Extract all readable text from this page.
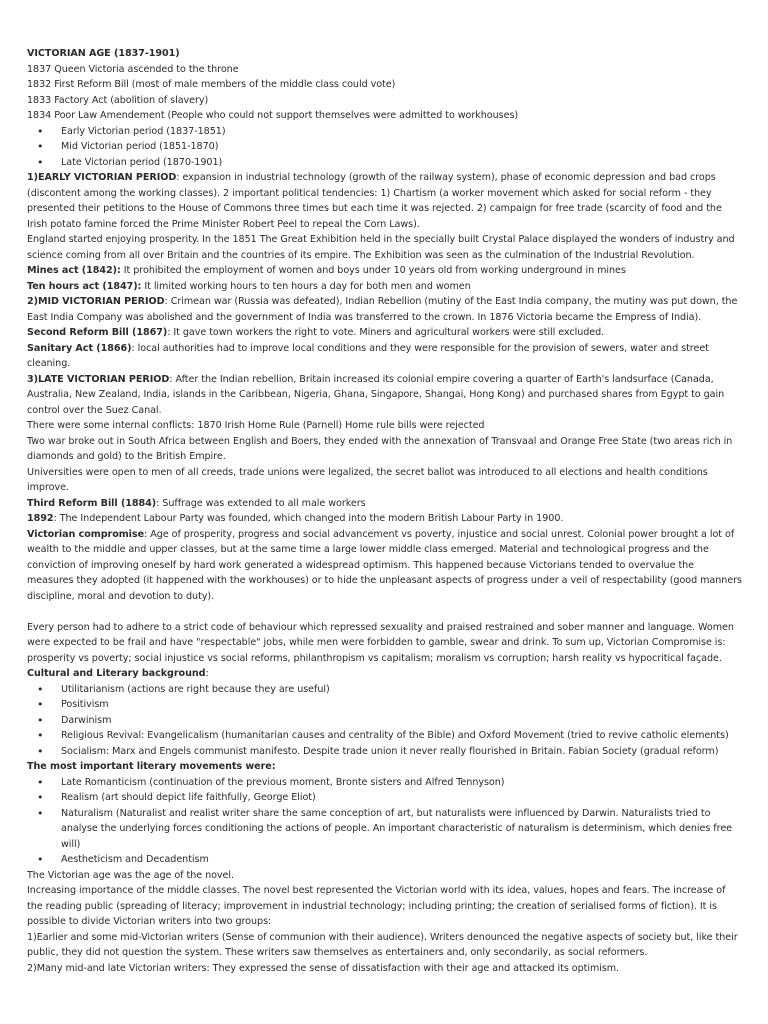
VICTORIAN AGE (1837-1901)

1837 Queen Victoria ascended to the throne

1832 First Reform Bill (most of male members of the middle class could vote)

1833 Factory Act (abolition of slavery)

1834 Poor Law Amendement (People who could not support themselves were admitted to workhouses)

• Early Victorian period (1837-1851)
• Mid Victorian period (1851-1870)
• Late Victorian period (1870-1901)

1)EARLY VICTORIAN PERIOD: expansion in industrial technology (growth of the railway system), phase of economic depression and bad crops (discontent among the working classes). 2 important political tendencies: 1) Chartism (a worker movement which asked for social reform - they presented their petitions to the House of Commons three times but each time it was rejected. 2) campaign for free trade (scarcity of food and the Irish potato famine forced the Prime Minister Robert Peel to repeal the Corn Laws).

England started enjoying prosperity. In the 1851 The Great Exhibition held in the specially built Crystal Palace displayed the wonders of industry and science coming from all over Britain and the countries of its empire. The Exhibition was seen as the culmination of the Industrial Revolution.

Mines act (1842): It prohibited the employment of women and boys under 10 years old from working underground in mines

Ten hours act (1847): It limited working hours to ten hours a day for both men and women

2)MID VICTORIAN PERIOD: Crimean war (Russia was defeated), Indian Rebellion (mutiny of the East India company, the mutiny was put down, the East India Company was abolished and the government of India was transferred to the crown. In 1876 Victoria became the Empress of India).

Second Reform Bill (1867): It gave town workers the right to vote. Miners and agricultural workers were still excluded.

Sanitary Act (1866): local authorities had to improve local conditions and they were responsible for the provision of sewers, water and street cleaning.

3)LATE VICTORIAN PERIOD: After the Indian rebellion, Britain increased its colonial empire covering a quarter of Earth's landsurface (Canada, Australia, New Zealand, India, islands in the Caribbean, Nigeria, Ghana, Singapore, Shangai, Hong Kong) and purchased shares from Egypt to gain control over the Suez Canal.

There were some internal conflicts: 1870 Irish Home Rule (Parnell) Home rule bills were rejected

Two war broke out in South Africa between English and Boers, they ended with the annexation of Transvaal and Orange Free State (two areas rich in diamonds and gold) to the British Empire.

Universities were open to men of all creeds, trade unions were legalized, the secret ballot was introduced to all elections and health conditions improve.

Third Reform Bill (1884): Suffrage was extended to all male workers

1892: The Independent Labour Party was founded, which changed into the modern British Labour Party in 1900.

Victorian compromise: Age of prosperity, progress and social advancement vs poverty, injustice and social unrest. Colonial power brought a lot of wealth to the middle and upper classes, but at the same time a large lower middle class emerged. Material and technological progress and the conviction of improving oneself by hard work generated a widespread optimism. This happened because Victorians tended to overvalue the measures they adopted (it happened with the workhouses) or to hide the unpleasant aspects of progress under a veil of respectability (good manners discipline, moral and devotion to duty).

Every person had to adhere to a strict code of behaviour which repressed sexuality and praised restrained and sober manner and language. Women were expected to be frail and have "respectable" jobs, while men were forbidden to gamble, swear and drink. To sum up, Victorian Compromise is: prosperity vs poverty; social injustice vs social reforms, philanthropism vs capitalism; moralism vs corruption; harsh reality vs hypocritical façade.

Cultural and Literary background:

• Utilitarianism (actions are right because they are useful)
• Positivism
• Darwinism
• Religious Revival: Evangelicalism (humanitarian causes and centrality of the Bible) and Oxford Movement (tried to revive catholic elements)
• Socialism: Marx and Engels communist manifesto. Despite trade union it never really flourished in Britain. Fabian Society (gradual reform)

The most important literary movements were:

• Late Romanticism (continuation of the previous moment, Bronte sisters and Alfred Tennyson)
• Realism (art should depict life faithfully, George Eliot)
• Naturalism (Naturalist and realist writer share the same conception of art, but naturalists were influenced by Darwin. Naturalists tried to analyse the underlying forces conditioning the actions of people. An important characteristic of naturalism is determinism, which denies free will)
• Aestheticism and Decadentism

The Victorian age was the age of the novel.

Increasing importance of the middle classes. The novel best represented the Victorian world with its idea, values, hopes and fears. The increase of the reading public (spreading of literacy; improvement in industrial technology; including printing; the creation of serialised forms of fiction). It is possible to divide Victorian writers into two groups:

1)Earlier and some mid-Victorian writers (Sense of communion with their audience). Writers denounced the negative aspects of society but, like their public, they did not question the system. These writers saw themselves as entertainers and, only secondarily, as social reformers.

2)Many mid-and late Victorian writers: They expressed the sense of dissatisfaction with their age and attacked its optimism.
